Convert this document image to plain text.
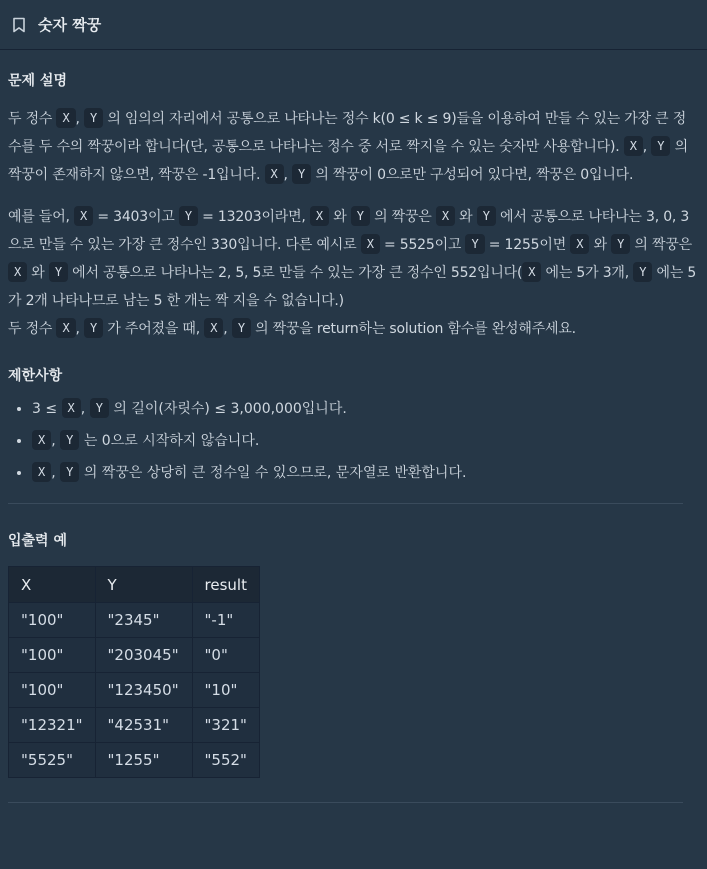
숫자 짝꿍
문제 설명

두 정수 X , Y 의 임의의 자리에서 공통으로 나타나는 정수 k(0 ≤ k ≤ 9)들을 이용하여 만들 수 있는 가장 큰 정수를 두 수의 짝꿍이라 합니다(단, 공통으로 나타나는 정수 중 서로 짝지을 수 있는 숫자만 사용합니다). X , Y 의 짝꿍이 존재하지 않으면, 짝꿍은 -1입니다. X , Y 의 짝꿍이 0으로만 구성되어 있다면, 짝꿍은 0입니다.

예를 들어, X = 3403이고 Y = 13203이라면, X 와 Y 의 짝꿍은 X 와 Y 에서 공통으로 나타나는 3, 0, 3으로 만들 수 있는 가장 큰 정수인 330입니다. 다른 예시로 X = 5525이고 Y = 1255이면 X 와 Y 의 짝꿍은 X 와 Y 에서 공통으로 나타나는 2, 5, 5로 만들 수 있는 가장 큰 정수인 552입니다( X 에는 5가 3개, Y 에는 5가 2개 나타나므로 남는 5 한 개는 짝 지을 수 없습니다.)
두 정수 X , Y 가 주어졌을 때, X , Y 의 짝꿍을 return하는 solution 함수를 완성해주세요.

제한사항
• 3 ≤ X , Y 의 길이(자릿수) ≤ 3,000,000입니다.
• X , Y 는 0으로 시작하지 않습니다.
• X , Y 의 짝꿍은 상당히 큰 정수일 수 있으므로, 문자열로 반환합니다.
입출력 예
X	Y	result
"100"	"2345"	"-1"
"100"	"203045"	"0"
"100"	"123450"	"10"
"12321"	"42531"	"321"
"5525"	"1255"	"552"
